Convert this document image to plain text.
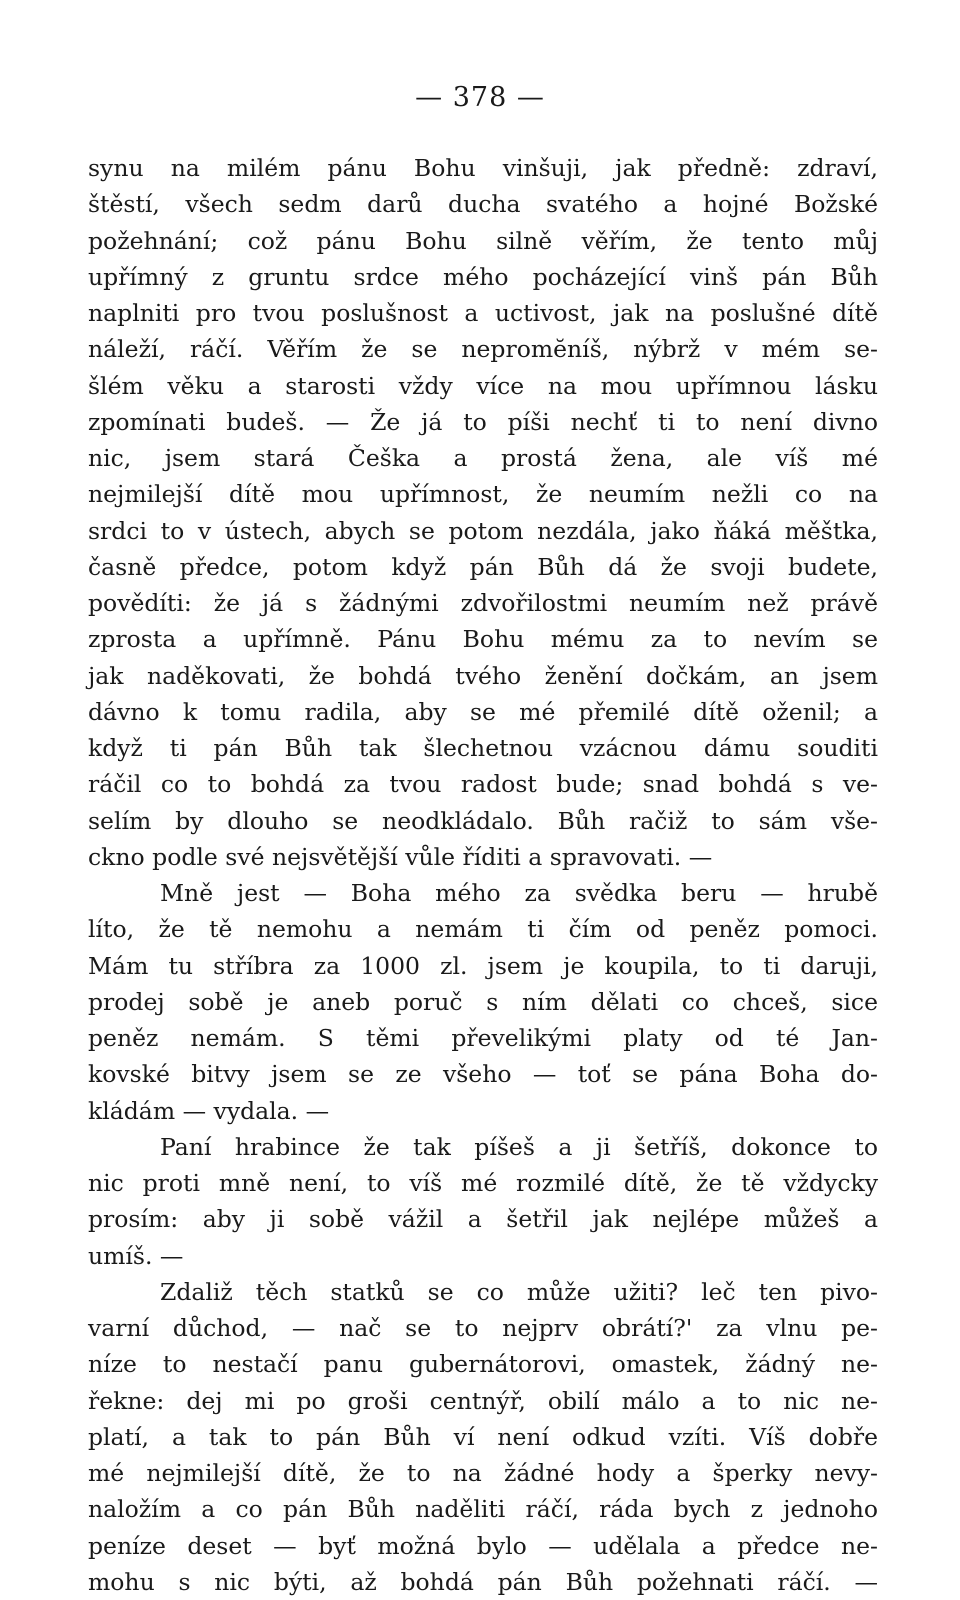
— 378 —
synu na milém pánu Bohu vinšuji, jak předně: zdraví,
štěstí, všech sedm darů ducha svatého a hojné Božské
požehnání; což pánu Bohu silně věřím, že tento můj
upřímný z gruntu srdce mého pocházející vinš pán Bůh
naplniti pro tvou poslušnost a uctivost, jak na poslušné dítě
náleží, ráčí. Věřím že se nepromĕníš, nýbrž v mém se-
šlém věku a starosti vždy více na mou upřímnou lásku
zpomínati budeš. — Že já to píši nechť ti to není divno
nic, jsem stará Češka a prostá žena, ale víš mé
nejmilejší dítě mou upřímnost, že neumím nežli co na
srdci to v ústech, abych se potom nezdála, jako ňáká měštka,
časně předce, potom když pán Bůh dá že svoji budete,
povědíti: že já s žádnými zdvořilostmi neumím než právě
zprosta a upřímně. Pánu Bohu mému za to nevím se
jak naděkovati, že bohdá tvého ženění dočkám, an jsem
dávno k tomu radila, aby se mé přemilé dítě oženil; a
když ti pán Bůh tak šlechetnou vzácnou dámu souditi
ráčil co to bohdá za tvou radost bude; snad bohdá s ve-
selím by dlouho se neodkládalo. Bůh račiž to sám vše-
ckno podle své nejsvětější vůle říditi a spravovati. —
Mně jest — Boha mého za svědka beru — hrubě
líto, že tě nemohu a nemám ti čím od peněz pomoci.
Mám tu stříbra za 1000 zl. jsem je koupila, to ti daruji,
prodej sobě je aneb poruč s ním dělati co chceš, sice
peněz nemám. S těmi převelikými platy od té Jan-
kovské bitvy jsem se ze všeho — toť se pána Boha do-
kládám — vydala. —
Paní hrabince že tak píšeš a ji šetříš, dokonce to
nic proti mně není, to víš mé rozmilé dítě, že tě vždycky
prosím: aby ji sobě vážil a šetřil jak nejlépe můžeš a
umíš. —
Zdaliž těch statků se co může užiti? leč ten pivo-
varní důchod, — nač se to nejprv obrátí?' za vlnu pe-
níze to nestačí panu gubernátorovi, omastek, žádný ne-
řekne: dej mi po groši centnýř, obilí málo a to nic ne-
platí, a tak to pán Bůh ví není odkud vzíti. Víš dobře
mé nejmilejší dítě, že to na žádné hody a šperky nevy-
naložím a co pán Bůh naděliti ráčí, ráda bych z jednoho
peníze deset — byť možná bylo — udělala a předce ne-
mohu s nic býti, až bohdá pán Bůh požehnati ráčí. —
